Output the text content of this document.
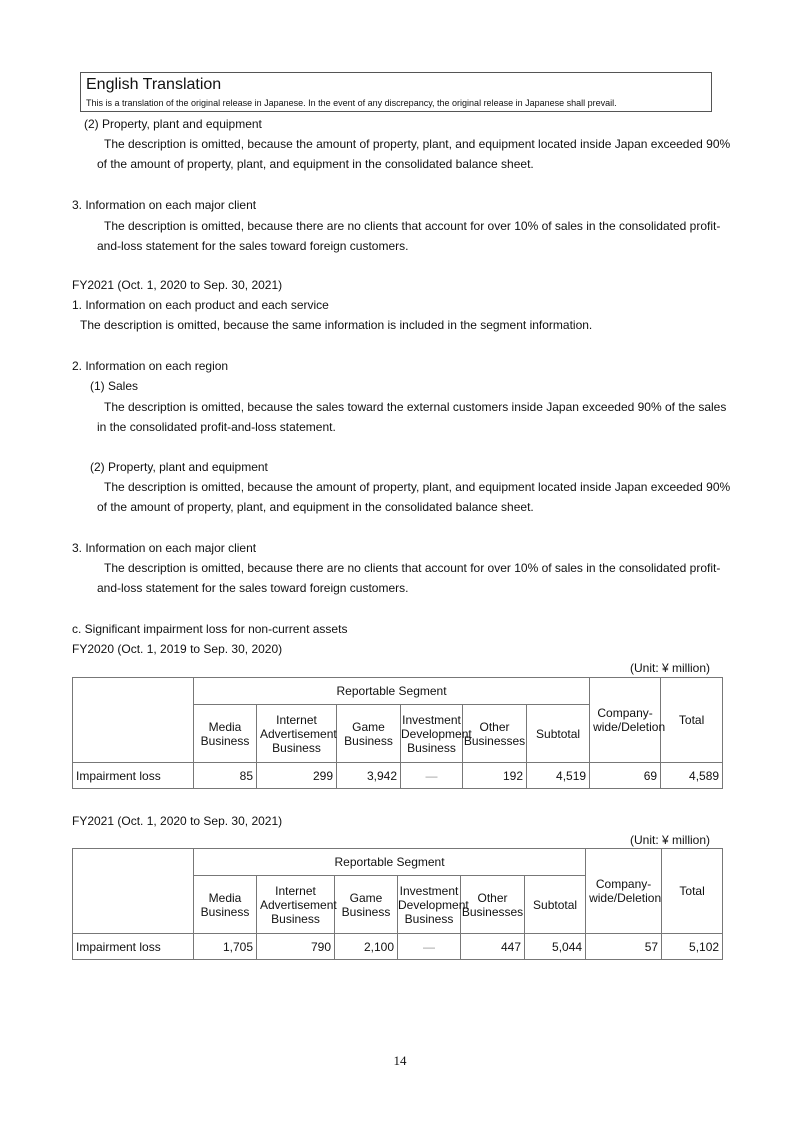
English Translation
This is a translation of the original release in Japanese. In the event of any discrepancy, the original release in Japanese shall prevail.
(2) Property, plant and equipment
The description is omitted, because the amount of property, plant, and equipment located inside Japan exceeded 90%
of the amount of property, plant, and equipment in the consolidated balance sheet.
3. Information on each major client
The description is omitted, because there are no clients that account for over 10% of sales in the consolidated profit-
and-loss statement for the sales toward foreign customers.
FY2021 (Oct. 1, 2020 to Sep. 30, 2021)
1. Information on each product and each service
The description is omitted, because the same information is included in the segment information.
2. Information on each region
(1) Sales
The description is omitted, because the sales toward the external customers inside Japan exceeded 90% of the sales
in the consolidated profit-and-loss statement.
(2) Property, plant and equipment
The description is omitted, because the amount of property, plant, and equipment located inside Japan exceeded 90%
of the amount of property, plant, and equipment in the consolidated balance sheet.
3. Information on each major client
The description is omitted, because there are no clients that account for over 10% of sales in the consolidated profit-
and-loss statement for the sales toward foreign customers.
c. Significant impairment loss for non-current assets
FY2020 (Oct. 1, 2019 to Sep. 30, 2020)
(Unit: ¥ million)
	Reportable Segment						Company-wide/Deletion	Total
	Media Business	Internet Advertisement Business	Game Business	Investment Development Business	Other Businesses	Subtotal		
Impairment loss	85	299	3,942	—	192	4,519	69	4,589
FY2021 (Oct. 1, 2020 to Sep. 30, 2021)
(Unit: ¥ million)
	Reportable Segment						Company-wide/Deletion	Total
	Media Business	Internet Advertisement Business	Game Business	Investment Development Business	Other Businesses	Subtotal		
Impairment loss	1,705	790	2,100	—	447	5,044	57	5,102
14
